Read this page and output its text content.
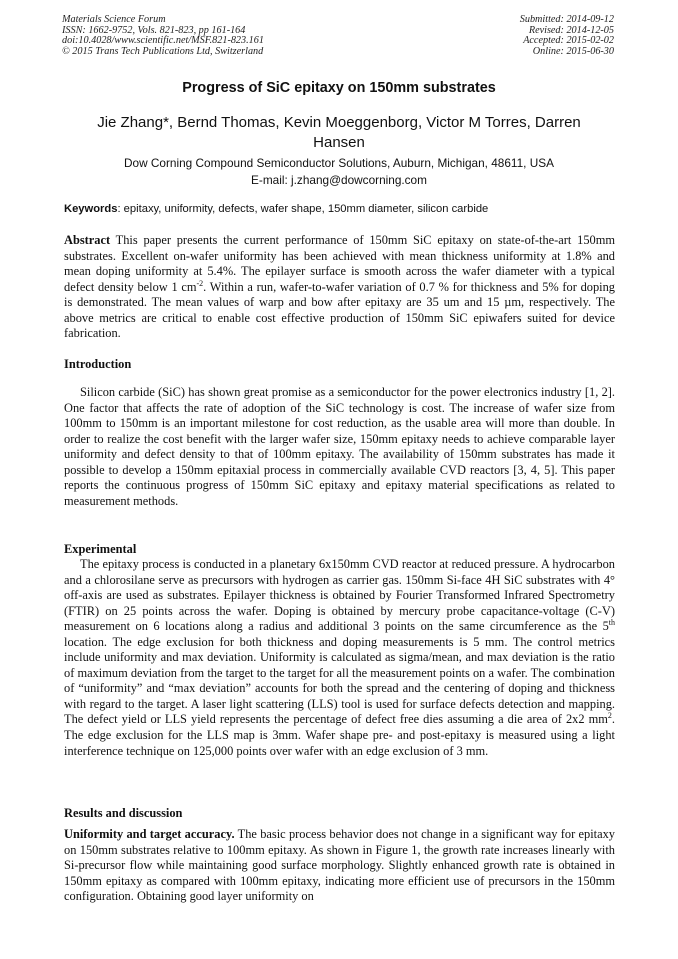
Materials Science Forum
ISSN: 1662-9752, Vols. 821-823, pp 161-164
doi:10.4028/www.scientific.net/MSF.821-823.161
© 2015 Trans Tech Publications Ltd, Switzerland
Submitted: 2014-09-12
Revised: 2014-12-05
Accepted: 2015-02-02
Online: 2015-06-30
Progress of SiC epitaxy on 150mm substrates
Jie Zhang*, Bernd Thomas, Kevin Moeggenborg, Victor M Torres, Darren Hansen
Dow Corning Compound Semiconductor Solutions, Auburn, Michigan, 48611, USA
E-mail: j.zhang@dowcorning.com
Keywords: epitaxy, uniformity, defects, wafer shape, 150mm diameter, silicon carbide

Abstract This paper presents the current performance of 150mm SiC epitaxy on state-of-the-art 150mm substrates. Excellent on-wafer uniformity has been achieved with mean thickness uniformity at 1.8% and mean doping uniformity at 5.4%. The epilayer surface is smooth across the wafer diameter with a typical defect density below 1 $cm^{-2}$. Within a run, wafer-to-wafer variation of 0.7 % for thickness and 5% for doping is demonstrated. The mean values of warp and bow after epitaxy are 35 um and 15 µm, respectively. The above metrics are critical to enable cost effective production of 150mm SiC epiwafers suited for device fabrication.

Introduction

Silicon carbide (SiC) has shown great promise as a semiconductor for the power electronics industry [1, 2]. One factor that affects the rate of adoption of the SiC technology is cost. The increase of wafer size from 100mm to 150mm is an important milestone for cost reduction, as the usable area will more than double. In order to realize the cost benefit with the larger wafer size, 150mm epitaxy needs to achieve comparable layer uniformity and defect density to that of 100mm epitaxy. The availability of 150mm substrates has made it possible to develop a 150mm epitaxial process in commercially available CVD reactors [3, 4, 5]. This paper reports the continuous progress of 150mm SiC epitaxy and epitaxy material specifications as related to measurement methods.

Experimental

The epitaxy process is conducted in a planetary 6x150mm CVD reactor at reduced pressure. A hydrocarbon and a chlorosilane serve as precursors with hydrogen as carrier gas. 150mm Si-face 4H SiC substrates with 4° off-axis are used as substrates. Epilayer thickness is obtained by Fourier Transformed Infrared Spectrometry (FTIR) on 25 points across the wafer. Doping is obtained by mercury probe capacitance-voltage (C-V) measurement on 6 locations along a radius and additional 3 points on the same circumference as the 5th location. The edge exclusion for both thickness and doping measurements is 5 mm. The control metrics include uniformity and max deviation. Uniformity is calculated as sigma/mean, and max deviation is the ratio of maximum deviation from the target to the target for all the measurement points on a wafer. The combination of “uniformity” and “max deviation” accounts for both the spread and the centering of doping and thickness with regard to the target. A laser light scattering (LLS) tool is used for surface defects detection and mapping. The defect yield or LLS yield represents the percentage of defect free dies assuming a die area of 2x2 $mm^2$. The edge exclusion for the LLS map is 3mm. Wafer shape pre- and post-epitaxy is measured using a light interference technique on 125,000 points over wafer with an edge exclusion of 3 mm.

Results and discussion

Uniformity and target accuracy. The basic process behavior does not change in a significant way for epitaxy on 150mm substrates relative to 100mm epitaxy. As shown in Figure 1, the growth rate increases linearly with Si-precursor flow while maintaining good surface morphology. Slightly enhanced growth rate is obtained in 150mm epitaxy as compared with 100mm epitaxy, indicating more efficient use of precursors in the 150mm configuration. Obtaining good layer uniformity on
